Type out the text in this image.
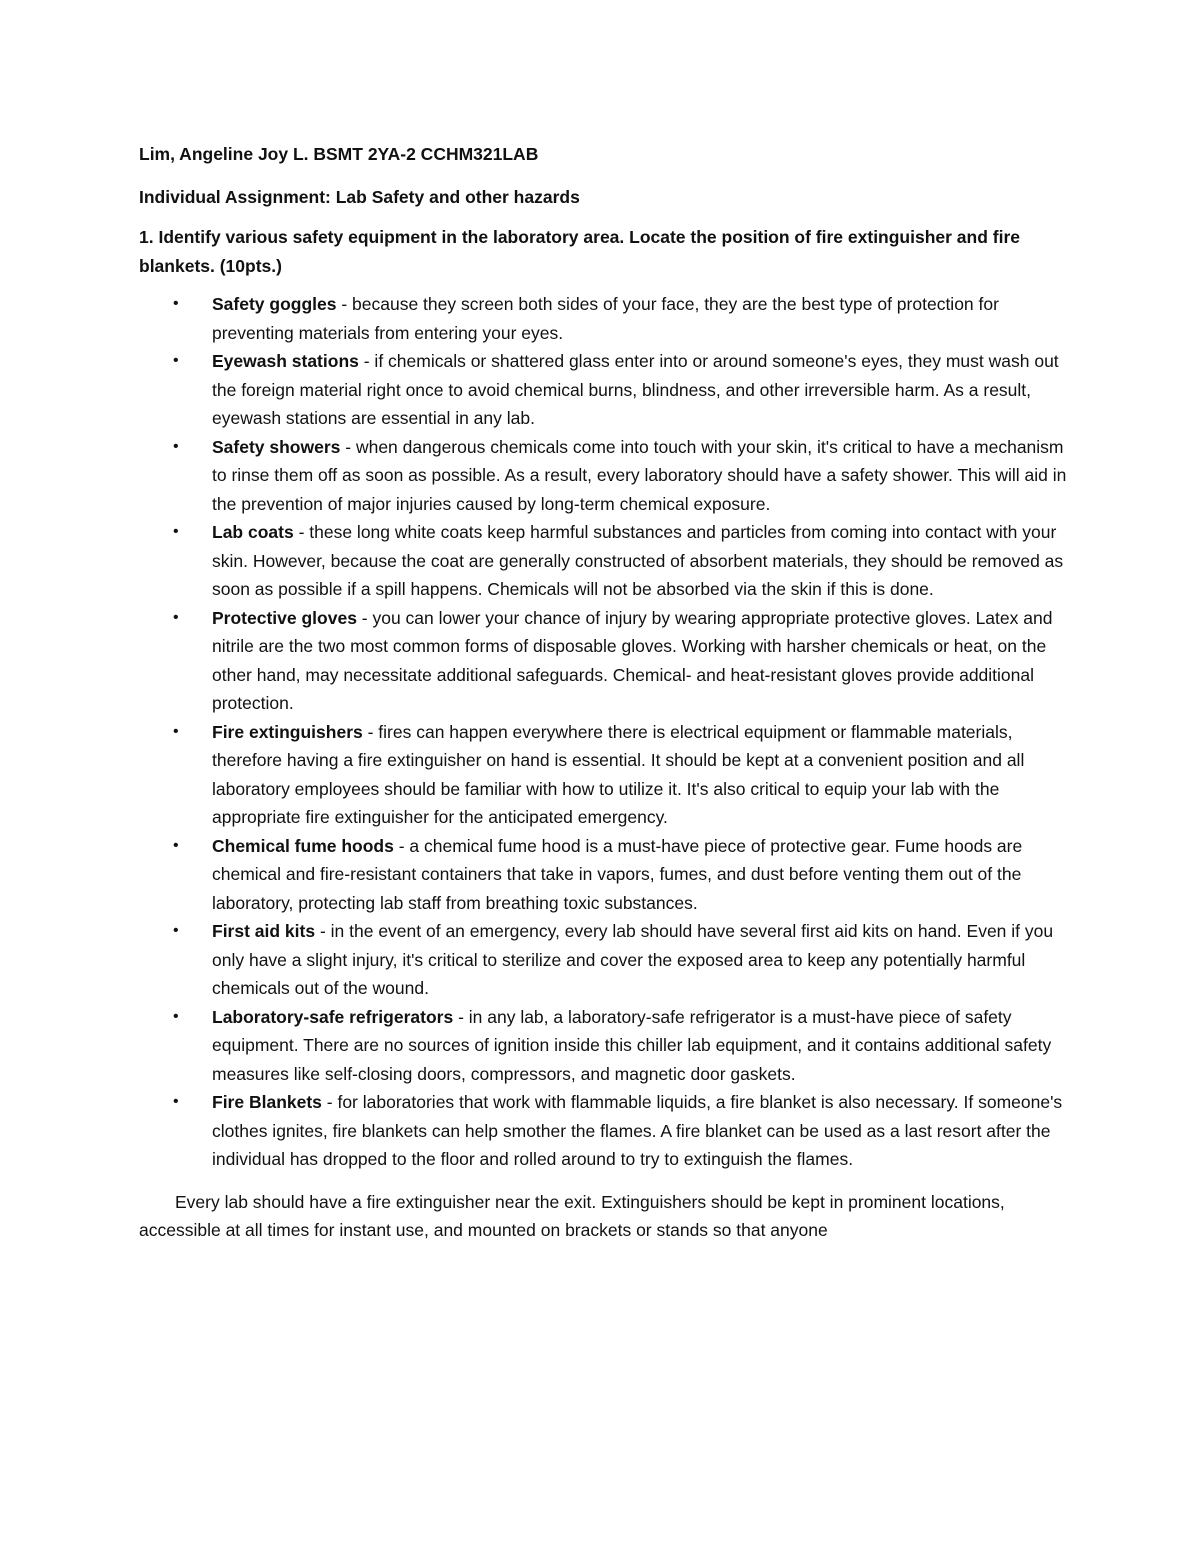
Lim, Angeline Joy L. BSMT 2YA-2 CCHM321LAB

Individual Assignment: Lab Safety and other hazards

1. Identify various safety equipment in the laboratory area. Locate the position of fire extinguisher and fire blankets. (10pts.)

• Safety goggles - because they screen both sides of your face, they are the best type of protection for preventing materials from entering your eyes.
• Eyewash stations - if chemicals or shattered glass enter into or around someone's eyes, they must wash out the foreign material right once to avoid chemical burns, blindness, and other irreversible harm. As a result, eyewash stations are essential in any lab.
• Safety showers - when dangerous chemicals come into touch with your skin, it's critical to have a mechanism to rinse them off as soon as possible. As a result, every laboratory should have a safety shower. This will aid in the prevention of major injuries caused by long-term chemical exposure.
• Lab coats - these long white coats keep harmful substances and particles from coming into contact with your skin. However, because the coat are generally constructed of absorbent materials, they should be removed as soon as possible if a spill happens. Chemicals will not be absorbed via the skin if this is done.
• Protective gloves - you can lower your chance of injury by wearing appropriate protective gloves. Latex and nitrile are the two most common forms of disposable gloves. Working with harsher chemicals or heat, on the other hand, may necessitate additional safeguards. Chemical- and heat-resistant gloves provide additional protection.
• Fire extinguishers - fires can happen everywhere there is electrical equipment or flammable materials, therefore having a fire extinguisher on hand is essential. It should be kept at a convenient position and all laboratory employees should be familiar with how to utilize it. It's also critical to equip your lab with the appropriate fire extinguisher for the anticipated emergency.
• Chemical fume hoods - a chemical fume hood is a must-have piece of protective gear. Fume hoods are chemical and fire-resistant containers that take in vapors, fumes, and dust before venting them out of the laboratory, protecting lab staff from breathing toxic substances.
• First aid kits - in the event of an emergency, every lab should have several first aid kits on hand. Even if you only have a slight injury, it's critical to sterilize and cover the exposed area to keep any potentially harmful chemicals out of the wound.
• Laboratory-safe refrigerators - in any lab, a laboratory-safe refrigerator is a must-have piece of safety equipment. There are no sources of ignition inside this chiller lab equipment, and it contains additional safety measures like self-closing doors, compressors, and magnetic door gaskets.
• Fire Blankets - for laboratories that work with flammable liquids, a fire blanket is also necessary. If someone's clothes ignites, fire blankets can help smother the flames. A fire blanket can be used as a last resort after the individual has dropped to the floor and rolled around to try to extinguish the flames.

Every lab should have a fire extinguisher near the exit. Extinguishers should be kept in prominent locations, accessible at all times for instant use, and mounted on brackets or stands so that anyone
